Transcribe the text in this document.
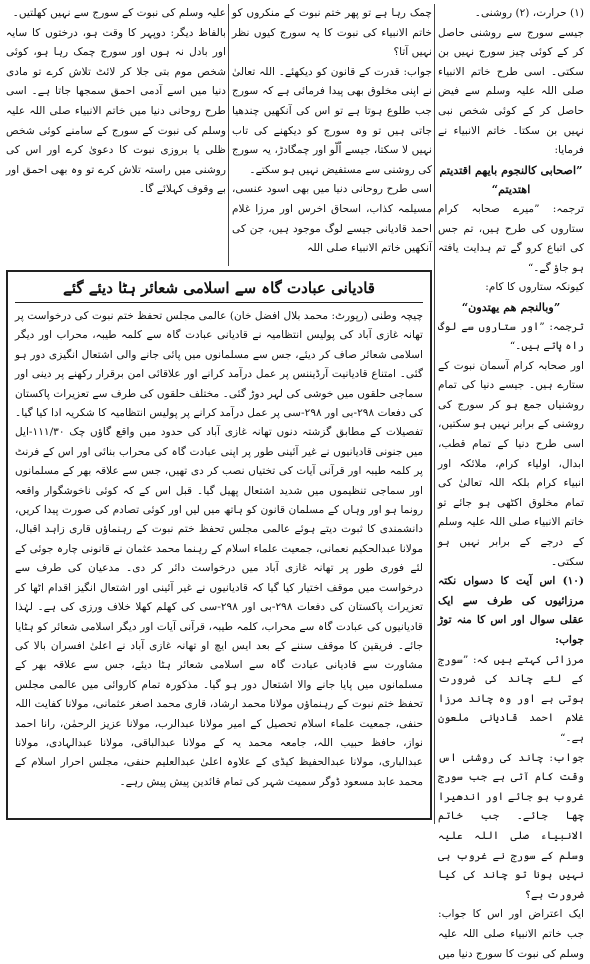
(۱) حرارت، (۲) روشنی۔

جیسے سورج سے روشنی حاصل کر کے کوئی چیز سورج نہیں بن سکتی۔ اسی طرح خاتم الانبیاء صلی اللہ علیہ وسلم سے فیض حاصل کر کے کوئی شخص نبی نہیں بن سکتا۔ خاتم الانبیاء نے فرمایا:

”اصحابی کالنجوم بایھم اقتدیتم اھتدیتم“

ترجمہ: ”میرے صحابہ کرام ستاروں کی طرح ہیں، تم جس کی اتباع کرو گے تم ہدایت یافتہ ہو جاؤ گے۔“

کیونکہ ستاروں کا کام:

”وبالنجم ھم یھتدون“

ترجمہ: ”اور ستاروں سے لوگ راہ پاتے ہیں۔“

اور صحابہ کرام آسمان نبوت کے ستارے ہیں۔ جیسے دنیا کی تمام روشنیاں جمع ہو کر سورج کی روشنی کے برابر نہیں ہو سکتیں، اسی طرح دنیا کے تمام قطب، ابدال، اولیاء کرام، ملائکہ اور انبیاء کرام بلکہ اللہ تعالیٰ کی تمام مخلوق اکٹھی ہو جائے تو خاتم الانبیاء صلی اللہ علیہ وسلم کے درجے کے برابر نہیں ہو سکتی۔

(۱۰) اس آیت کا دسواں نکتہ مرزائیوں کی طرف سے ایک عقلی سوال اور اس کا منہ توڑ جواب:

مرزائی کہتے ہیں کہ: ”سورج کے لئے چاند کی ضرورت ہوتی ہے اور وہ چاند مرزا غلام احمد قادیانی ملعون ہے۔“

جواب: چاند کی روشنی اس وقت کام آتی ہے جب سورج غروب ہو جائے اور اندھیرا چھا جائے۔ جب خاتم الانبیاء صلی اللہ علیہ وسلم کے سورج نے غروب ہی نہیں ہونا تو چاند کی کیا ضرورت ہے؟

ایک اعتراض اور اس کا جواب: جب خاتم الانبیاء صلی اللہ علیہ وسلم کی نبوت کا سورج دنیا میں

چمک رہا ہے تو پھر ختم نبوت کے منکروں کو خاتم الانبیاء کی نبوت کا یہ سورج کیوں نظر نہیں آتا؟

جواب: قدرت کے قانون کو دیکھئے۔ اللہ تعالیٰ نے اپنی مخلوق بھی پیدا فرمائی ہے کہ سورج جب طلوع ہوتا ہے تو اس کی آنکھیں چندھیا جاتی ہیں تو وہ سورج کو دیکھنے کی تاب نہیں لا سکتا، جیسے اُلّو اور چمگادڑ، یہ سورج کی روشنی سے مستفیض نہیں ہو سکتے۔

اسی طرح روحانی دنیا میں بھی اسود عنسی، مسیلمہ کذاب، اسحاق اخرس اور مرزا غلام احمد قادیانی جیسے لوگ موجود ہیں، جن کی آنکھیں خاتم الانبیاء صلی اللہ

علیہ وسلم کی نبوت کے سورج سے نہیں کھلتیں۔

بالفاظ دیگر: دوپہر کا وقت ہو، درختوں کا سایہ اور بادل نہ ہوں اور سورج چمک رہا ہو، کوئی شخص موم بتی جلا کر لائٹ تلاش کرے تو مادی دنیا میں اسے آدمی احمق سمجھا جاتا ہے۔ اسی طرح روحانی دنیا میں خاتم الانبیاء صلی اللہ علیہ وسلم کی نبوت کے سورج کے سامنے کوئی شخص ظلی یا بروزی نبوت کا دعویٰ کرے اور اس کی روشنی میں راستہ تلاش کرے تو وہ بھی احمق اور بے وقوف کہلائے گا۔

قادیانی عبادت گاہ سے اسلامی شعائر ہٹا دیئے گئے
چیچہ وطنی (رپورٹ: محمد بلال افضل خان) عالمی مجلس تحفظ ختم نبوت کی درخواست پر تھانہ غازی آباد کی پولیس انتظامیہ نے قادیانی عبادت گاہ سے کلمہ طیبہ، محراب اور دیگر اسلامی شعائر صاف کر دیئے، جس سے مسلمانوں میں پائی جانے والی اشتعال انگیزی دور ہو گئی۔ امتناع قادیانیت آرڈیننس پر عمل درآمد کرانے اور علاقائی امن برقرار رکھنے پر دینی اور سماجی حلقوں میں خوشی کی لہر دوڑ گئی۔ مختلف حلقوں کی طرف سے تعزیرات پاکستان کی دفعات ۲۹۸-بی اور ۲۹۸-سی پر عمل درآمد کرانے پر پولیس انتظامیہ کا شکریہ ادا کیا گیا۔ تفصیلات کے مطابق گزشتہ دنوں تھانہ غازی آباد کی حدود میں واقع گاؤں چک ۱۱۱/۳۰-ایل میں جنونی قادیانیوں نے غیر آئینی طور پر اپنی عبادت گاہ کی محراب بنائی اور اس کے فرنٹ پر کلمہ طیبہ اور قرآنی آیات کی تختیاں نصب کر دی تھیں، جس سے علاقہ بھر کے مسلمانوں اور سماجی تنظیموں میں شدید اشتعال پھیل گیا۔ قبل اس کے کہ کوئی ناخوشگوار واقعہ رونما ہو اور وہاں کے مسلمان قانون کو ہاتھ میں لیں اور کوئی تصادم کی صورت پیدا کریں، دانشمندی کا ثبوت دیتے ہوئے عالمی مجلس تحفظ ختم نبوت کے رہنماؤں قاری زاہد اقبال، مولانا عبدالحکیم نعمانی، جمعیت علماء اسلام کے رہنما محمد عثمان نے قانونی چارہ جوئی کے لئے فوری طور پر تھانہ غازی آباد میں درخواست دائر کر دی۔ مدعیان کی طرف سے درخواست میں موقف اختیار کیا گیا کہ قادیانیوں نے غیر آئینی اور اشتعال انگیز اقدام اٹھا کر تعزیرات پاکستان کی دفعات ۲۹۸-بی اور ۲۹۸-سی کی کھلم کھلا خلاف ورزی کی ہے۔ لہٰذا قادیانیوں کی عبادت گاہ سے محراب، کلمہ طیبہ، قرآنی آیات اور دیگر اسلامی شعائر کو ہٹایا جائے۔ فریقین کا موقف سننے کے بعد ایس ایچ او تھانہ غازی آباد نے اعلیٰ افسران بالا کی مشاورت سے قادیانی عبادت گاہ سے اسلامی شعائر ہٹا دیئے، جس سے علاقہ بھر کے مسلمانوں میں پایا جانے والا اشتعال دور ہو گیا۔ مذکورہ تمام کاروائی میں عالمی مجلس تحفظ ختم نبوت کے رہنماؤں مولانا محمد ارشاد، قاری محمد اصغر عثمانی، مولانا کفایت اللہ حنفی، جمعیت علماء اسلام تحصیل کے امیر مولانا عبدالرب، مولانا عزیز الرحمٰن، رانا احمد نواز، حافظ حبیب اللہ، جامعہ محمد یہ کے مولانا عبدالباقی، مولانا عبدالہادی، مولانا عبدالباری، مولانا عبدالحفیظ کیڈی کے علاوہ اعلیٰ عبدالعلیم حنفی، مجلس احرار اسلام کے محمد عابد مسعود ڈوگر سمیت شہر کی تمام قائدین پیش پیش رہے۔
